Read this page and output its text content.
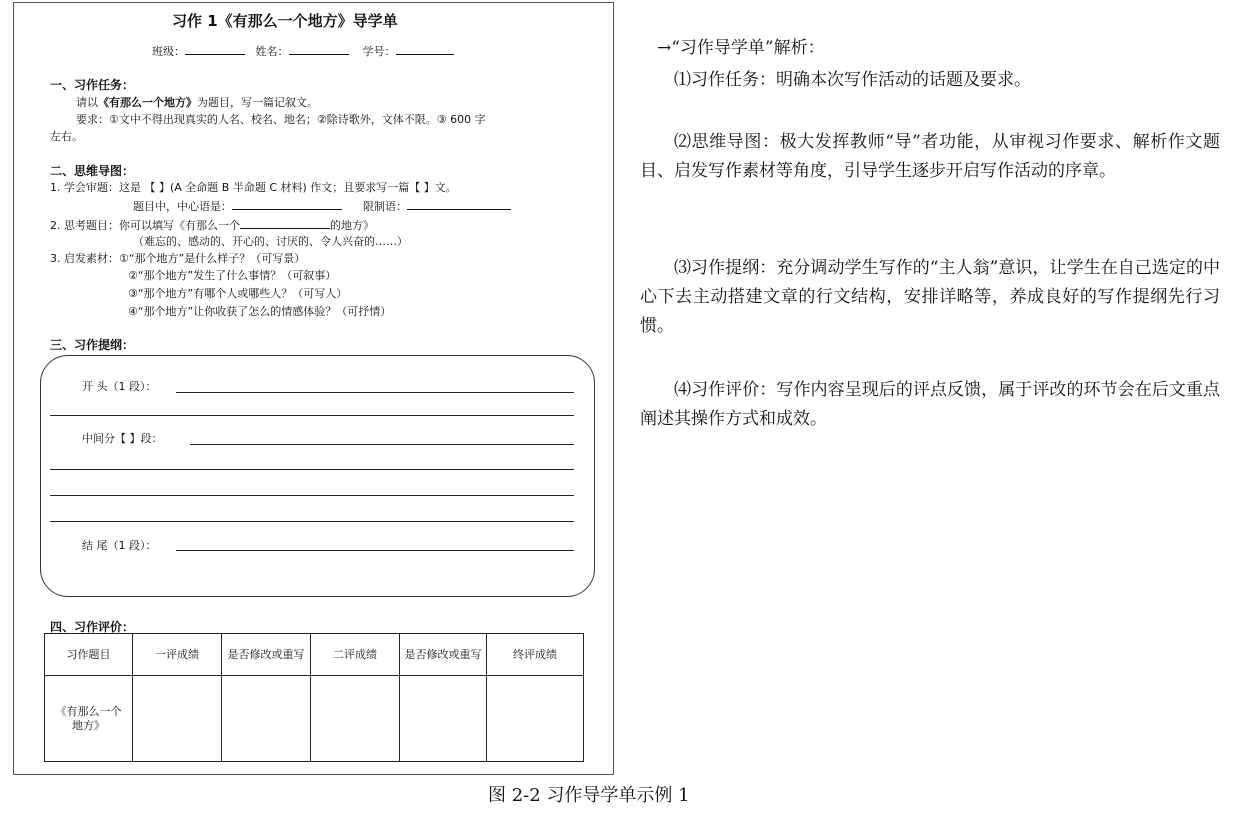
习作 1《有那么一个地方》导学单
班级：	姓名：	学号：
一、习作任务：
请以《有那么一个地方》为题目，写一篇记叙文。
要求：①文中不得出现真实的人名、校名、地名；②除诗歌外，文体不限。③ 600 字
左右。
二、思维导图：
1. 学会审题：这是 【 】(A 全命题 B 半命题 C 材料) 作文；且要求写一篇【 】文。
题目中，中心语是：	限制语：
2. 思考题目：你可以填写《有那么一个	的地方》
（难忘的、感动的、开心的、讨厌的、令人兴奋的……）
3. 启发素材：①“那个地方”是什么样子？（可写景）
②“那个地方”发生了什么事情？（可叙事）
③“那个地方”有哪个人或哪些人？（可写人）
④“那个地方”让你收获了怎么的情感体验？（可抒情）
三、习作提纲：
开 头（1 段）：
中间分【 】段：
结 尾（1 段）：
四、习作评价：
习作题目	一评成绩	是否修改或重写	二评成绩	是否修改或重写	终评成绩
《有那么一个地方》					
→“习作导学单”解析：
⑴习作任务：明确本次写作活动的话题及要求。
⑵思维导图：极大发挥教师“导”者功能，从审视习作要求、解析作文题目、启发写作素材等角度，引导学生逐步开启写作活动的序章。
⑶习作提纲：充分调动学生写作的“主人翁”意识，让学生在自己选定的中心下去主动搭建文章的行文结构，安排详略等，养成良好的写作提纲先行习惯。
⑷习作评价：写作内容呈现后的评点反馈，属于评改的环节会在后文重点阐述其操作方式和成效。
图 2-2 习作导学单示例 1
